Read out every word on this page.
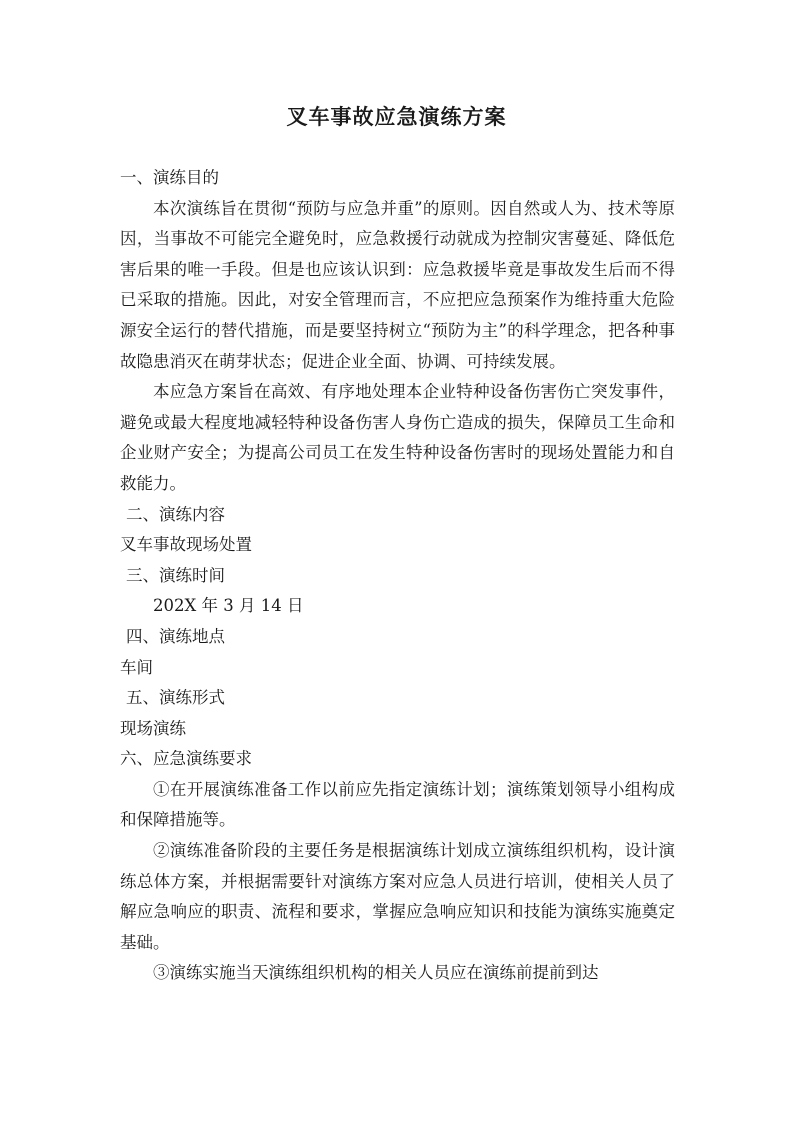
叉车事故应急演练方案

一、演练目的

本次演练旨在贯彻“预防与应急并重”的原则。因自然或人为、技术等原因，当事故不可能完全避免时，应急救援行动就成为控制灾害蔓延、降低危害后果的唯一手段。但是也应该认识到：应急救援毕竟是事故发生后而不得已采取的措施。因此，对安全管理而言，不应把应急预案作为维持重大危险源安全运行的替代措施，而是要坚持树立“预防为主”的科学理念，把各种事故隐患消灭在萌芽状态；促进企业全面、协调、可持续发展。

本应急方案旨在高效、有序地处理本企业特种设备伤害伤亡突发事件，避免或最大程度地减轻特种设备伤害人身伤亡造成的损失，保障员工生命和企业财产安全；为提高公司员工在发生特种设备伤害时的现场处置能力和自救能力。

二、演练内容

叉车事故现场处置

三、演练时间

202X 年 3 月 14 日

四、演练地点

车间

五、演练形式

现场演练

六、应急演练要求

①在开展演练准备工作以前应先指定演练计划；演练策划领导小组构成和保障措施等。

②演练准备阶段的主要任务是根据演练计划成立演练组织机构，设计演练总体方案，并根据需要针对演练方案对应急人员进行培训，使相关人员了解应急响应的职责、流程和要求，掌握应急响应知识和技能为演练实施奠定基础。

③演练实施当天演练组织机构的相关人员应在演练前提前到达
